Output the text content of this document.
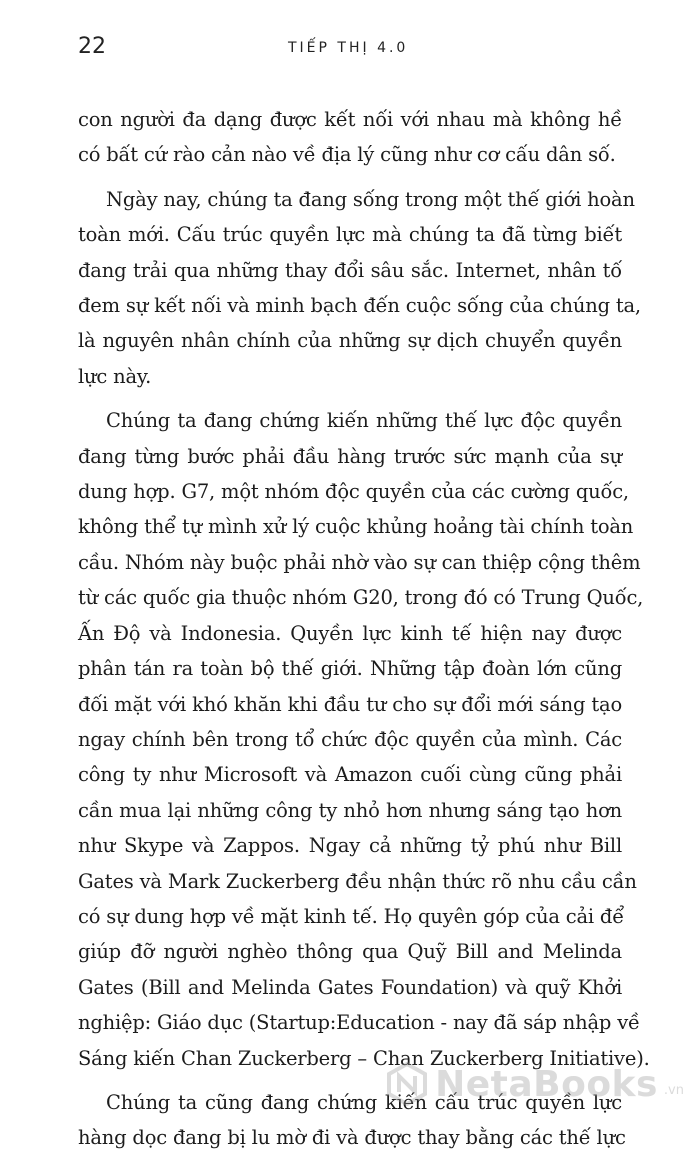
22	TIẾP THỊ 4.0

con người đa dạng được kết nối với nhau mà không hề
có bất cứ rào cản nào về địa lý cũng như cơ cấu dân số.

Ngày nay, chúng ta đang sống trong một thế giới hoàn
toàn mới. Cấu trúc quyền lực mà chúng ta đã từng biết
đang trải qua những thay đổi sâu sắc. Internet, nhân tố
đem sự kết nối và minh bạch đến cuộc sống của chúng ta,
là nguyên nhân chính của những sự dịch chuyển quyền
lực này.

Chúng ta đang chứng kiến những thế lực độc quyền
đang từng bước phải đầu hàng trước sức mạnh của sự
dung hợp. G7, một nhóm độc quyền của các cường quốc,
không thể tự mình xử lý cuộc khủng hoảng tài chính toàn
cầu. Nhóm này buộc phải nhờ vào sự can thiệp cộng thêm
từ các quốc gia thuộc nhóm G20, trong đó có Trung Quốc,
Ấn Độ và Indonesia. Quyền lực kinh tế hiện nay được
phân tán ra toàn bộ thế giới. Những tập đoàn lớn cũng
đối mặt với khó khăn khi đầu tư cho sự đổi mới sáng tạo
ngay chính bên trong tổ chức độc quyền của mình. Các
công ty như Microsoft và Amazon cuối cùng cũng phải
cần mua lại những công ty nhỏ hơn nhưng sáng tạo hơn
như Skype và Zappos. Ngay cả những tỷ phú như Bill
Gates và Mark Zuckerberg đều nhận thức rõ nhu cầu cần
có sự dung hợp về mặt kinh tế. Họ quyên góp của cải để
giúp đỡ người nghèo thông qua Quỹ Bill and Melinda
Gates (Bill and Melinda Gates Foundation) và quỹ Khởi
nghiệp: Giáo dục (Startup:Education - nay đã sáp nhập về
Sáng kiến Chan Zuckerberg – Chan Zuckerberg Initiative).

Chúng ta cũng đang chứng kiến cấu trúc quyền lực
hàng dọc đang bị lu mờ đi và được thay bằng các thế lực

NetaBooks .vn
